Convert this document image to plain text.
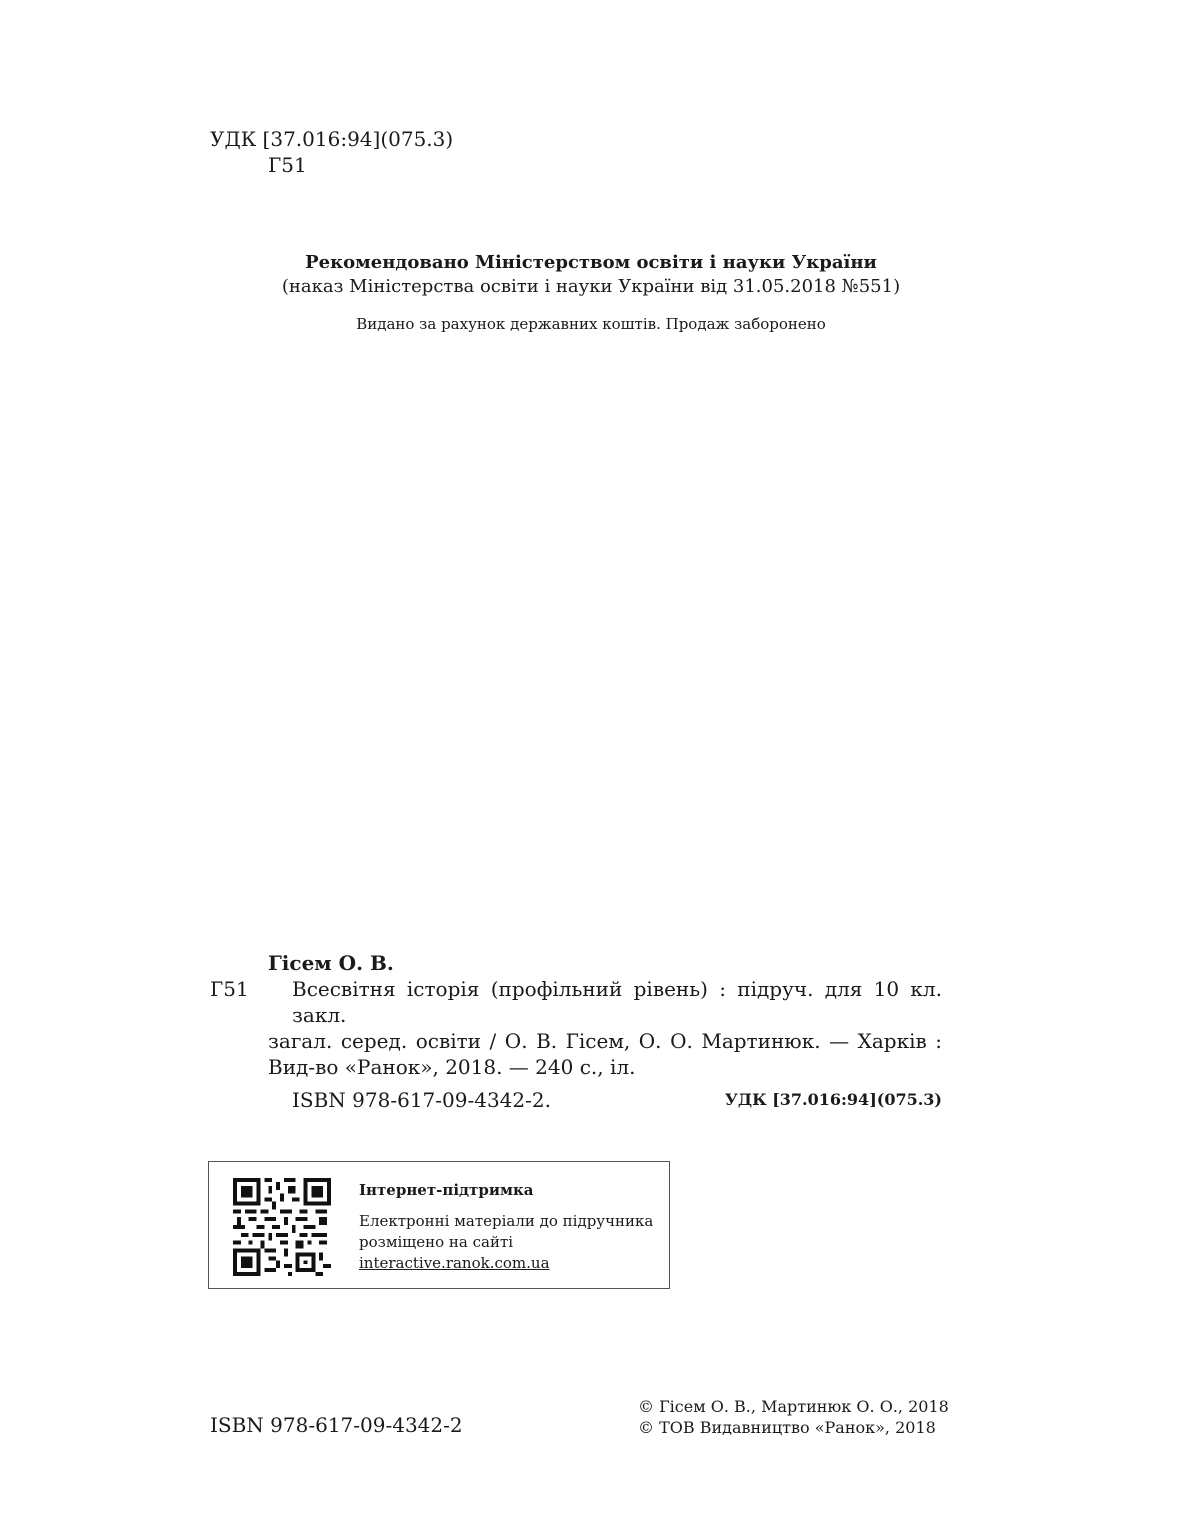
УДК [37.016:94](075.3)
Г51
Рекомендовано Міністерством освіти і науки України
(наказ Міністерства освіти і науки України від 31.05.2018 №551)
Видано за рахунок державних коштів. Продаж заборонено
Гісем О. В.
Г51	Всесвітня історія (профільний рівень) : підруч. для 10 кл. закл.
загал. серед. освіти / О. В. Гісем, О. О. Мартинюк. — Харків :
Вид-во «Ранок», 2018. — 240 с., іл.
ISBN 978-617-09-4342-2.	УДК [37.016:94](075.3)
Інтернет-підтримка
Електронні матеріали до підручника
розміщено на сайті
interactive.ranok.com.ua
ISBN 978-617-09-4342-2
© Гісем О. В., Мартинюк О. О., 2018
© ТОВ Видавництво «Ранок», 2018
